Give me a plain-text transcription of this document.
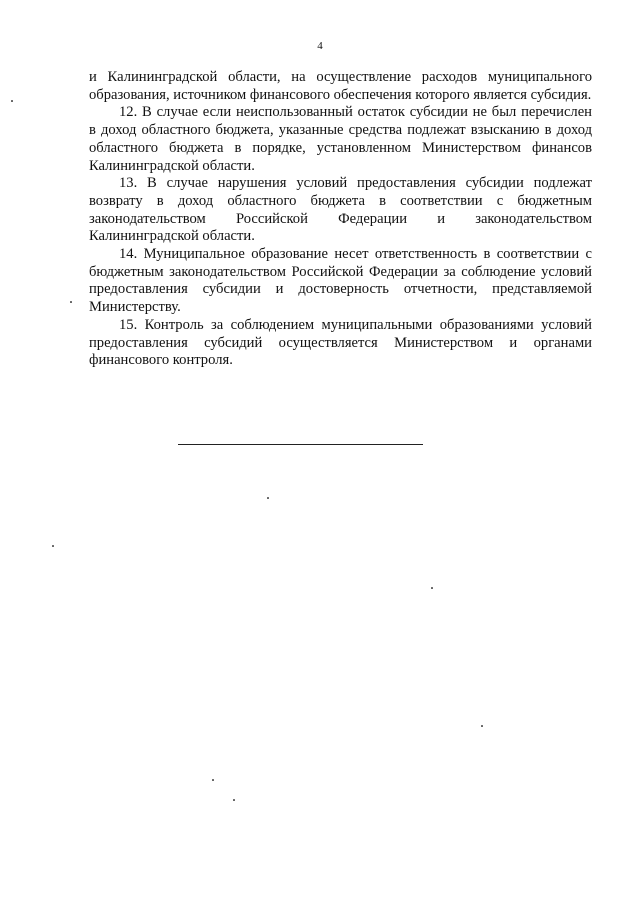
4

и Калининградской области, на осуществление расходов муниципального образования, источником финансового обеспечения которого является субсидия.

12. В случае если неиспользованный остаток субсидии не был перечислен в доход областного бюджета, указанные средства подлежат взысканию в доход областного бюджета в порядке, установленном Министерством финансов Калининградской области.

13. В случае нарушения условий предоставления субсидии подлежат возврату в доход областного бюджета в соответствии с бюджетным законодательством Российской Федерации и законодательством Калининградской области.

14. Муниципальное образование несет ответственность в соответствии с бюджетным законодательством Российской Федерации за соблюдение условий предоставления субсидии и достоверность отчетности, представляемой Министерству.

15. Контроль за соблюдением муниципальными образованиями условий предоставления субсидий осуществляется Министерством и органами финансового контроля.
